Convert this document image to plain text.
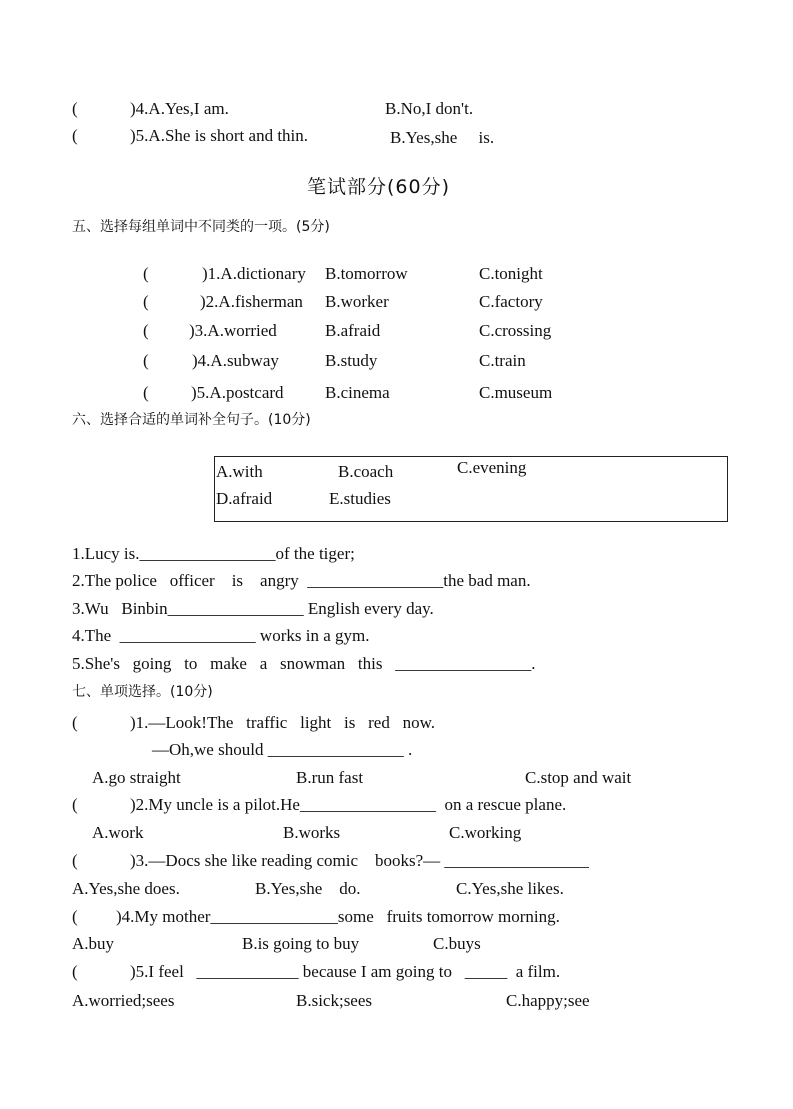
(	)4.A.Yes,I am.	B.No,I don't.
(	)5.A.She is short and thin.	B.Yes,she     is.
笔试部分(60分)
五、选择每组单词中不同类的一项。(5分)
(	)1.A.dictionary B.tomorrow	C.tonight
(	)2.A.fisherman B.worker	C.factory
( )3.A.worried	B.afraid	C.crossing
(	)4.A.subway	B.study	C.train
( )5.A.postcard B.cinema	C.museum
六、选择合适的单词补全句子。(10分)
A.with	B.coach	C.evening
D.afraid	E.studies
1.Lucy is.________________of the tiger;
2.The police   officer    is    angry  ________________the bad man.
3.Wu   Binbin________________ English every day.
4.The  ________________ works in a gym.
5.She's   going   to   make   a   snowman   this   ________________.
七、单项选择。(10分)
(	)1.—Look!The   traffic   light   is   red   now.
—Oh,we should ________________ .
A.go straight	B.run fast	C.stop and wait
(	)2.My uncle is a pilot.He________________  on a rescue plane.
A.work	B.works	C.working
(	)3.—Docs she like reading comic    books?— _________________
A.Yes,she does.	B.Yes,she    do.	C.Yes,she likes.
( )4.My mother_______________some   fruits tomorrow morning.
A.buy	B.is going to buy	C.buys
(	)5.I feel   ____________ because I am going to   _____  a film.
A.worried;sees	B.sick;sees	C.happy;see
